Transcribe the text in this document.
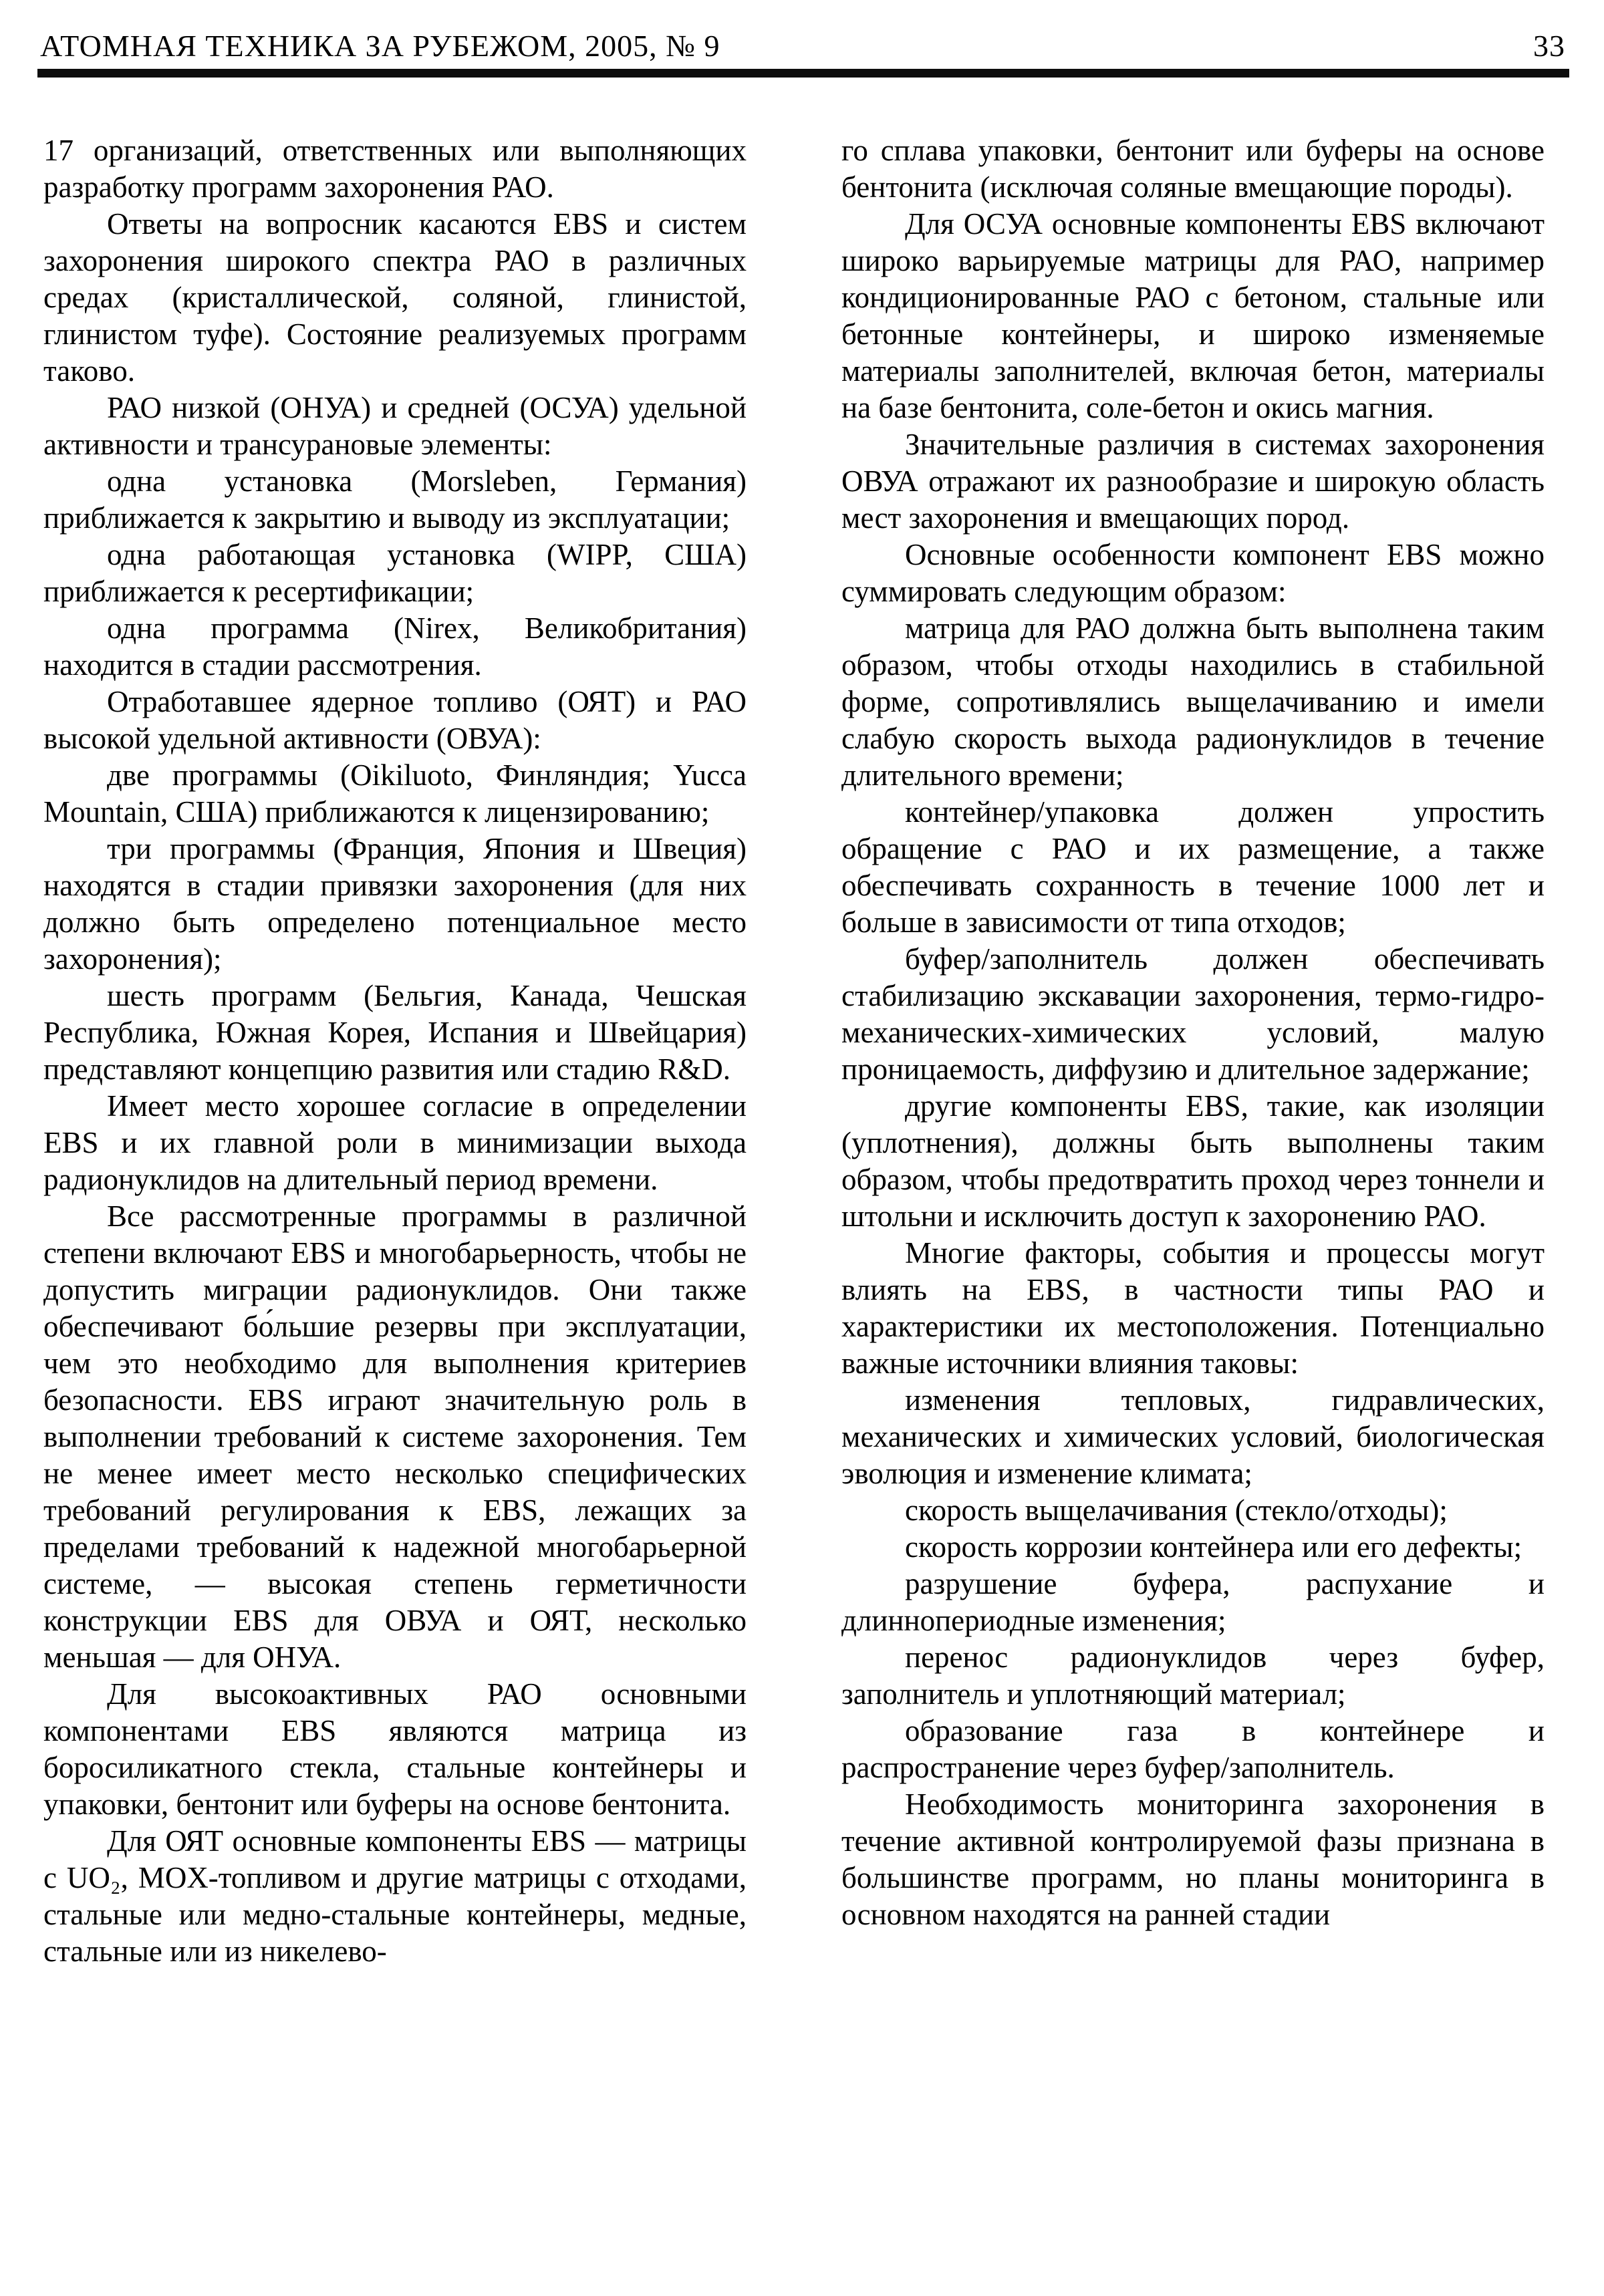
АТОМНАЯ ТЕХНИКА ЗА РУБЕЖОМ, 2005, № 9	33

17 организаций, ответственных или выполняющих разработку программ захоронения РАО.

Ответы на вопросник касаются EBS и систем захоронения широкого спектра РАО в различных средах (кристаллической, соляной, глинистой, глинистом туфе). Состояние реализуемых программ таково.

РАО низкой (ОНУА) и средней (ОСУА) удельной активности и трансурановые элементы:

одна установка (Morsleben, Германия) приближается к закрытию и выводу из эксплуатации;

одна работающая установка (WIPP, США) приближается к ресертификации;

одна программа (Nirex, Великобритания) находится в стадии рассмотрения.

Отработавшее ядерное топливо (ОЯТ) и РАО высокой удельной активности (ОВУА):

две программы (Oikiluoto, Финляндия; Yucca Mountain, США) приближаются к лицензированию;

три программы (Франция, Япония и Швеция) находятся в стадии привязки захоронения (для них должно быть определено потенциальное место захоронения);

шесть программ (Бельгия, Канада, Чешская Республика, Южная Корея, Испания и Швейцария) представляют концепцию развития или стадию R&D.

Имеет место хорошее согласие в определении EBS и их главной роли в минимизации выхода радионуклидов на длительный период времени.

Все рассмотренные программы в различной степени включают EBS и многобарьерность, чтобы не допустить миграции радионуклидов. Они также обеспечивают бо́льшие резервы при эксплуатации, чем это необходимо для выполнения критериев безопасности. EBS играют значительную роль в выполнении требований к системе захоронения. Тем не менее имеет место несколько специфических требований регулирования к EBS, лежащих за пределами требований к надежной многобарьерной системе, — высокая степень герметичности конструкции EBS для ОВУА и ОЯТ, несколько меньшая — для ОНУА.

Для высокоактивных РАО основными компонентами EBS являются матрица из боросиликатного стекла, стальные контейнеры и упаковки, бентонит или буферы на основе бентонита.

Для ОЯТ основные компоненты EBS — матрицы с UO₂, MOX-топливом и другие матрицы с отходами, стальные или медно-стальные контейнеры, медные, стальные или из никелево-

го сплава упаковки, бентонит или буферы на основе бентонита (исключая соляные вмещающие породы).

Для ОСУА основные компоненты EBS включают широко варьируемые матрицы для РАО, например кондиционированные РАО с бетоном, стальные или бетонные контейнеры, и широко изменяемые материалы заполнителей, включая бетон, материалы на базе бентонита, соле-бетон и окись магния.

Значительные различия в системах захоронения ОВУА отражают их разнообразие и широкую область мест захоронения и вмещающих пород.

Основные особенности компонент EBS можно суммировать следующим образом:

матрица для РАО должна быть выполнена таким образом, чтобы отходы находились в стабильной форме, сопротивлялись выщелачиванию и имели слабую скорость выхода радионуклидов в течение длительного времени;

контейнер/упаковка должен упростить обращение с РАО и их размещение, а также обеспечивать сохранность в течение 1000 лет и больше в зависимости от типа отходов;

буфер/заполнитель должен обеспечивать стабилизацию экскавации захоронения, термо-гидро-механических-химических условий, малую проницаемость, диффузию и длительное задержание;

другие компоненты EBS, такие, как изоляции (уплотнения), должны быть выполнены таким образом, чтобы предотвратить проход через тоннели и штольни и исключить доступ к захоронению РАО.

Многие факторы, события и процессы могут влиять на EBS, в частности типы РАО и характеристики их местоположения. Потенциально важные источники влияния таковы:

изменения тепловых, гидравлических, механических и химических условий, биологическая эволюция и изменение климата;

скорость выщелачивания (стекло/отходы);

скорость коррозии контейнера или его дефекты;

разрушение буфера, распухание и длиннопериодные изменения;

перенос радионуклидов через буфер, заполнитель и уплотняющий материал;

образование газа в контейнере и распространение через буфер/заполнитель.

Необходимость мониторинга захоронения в течение активной контролируемой фазы признана в большинстве программ, но планы мониторинга в основном находятся на ранней стадии
